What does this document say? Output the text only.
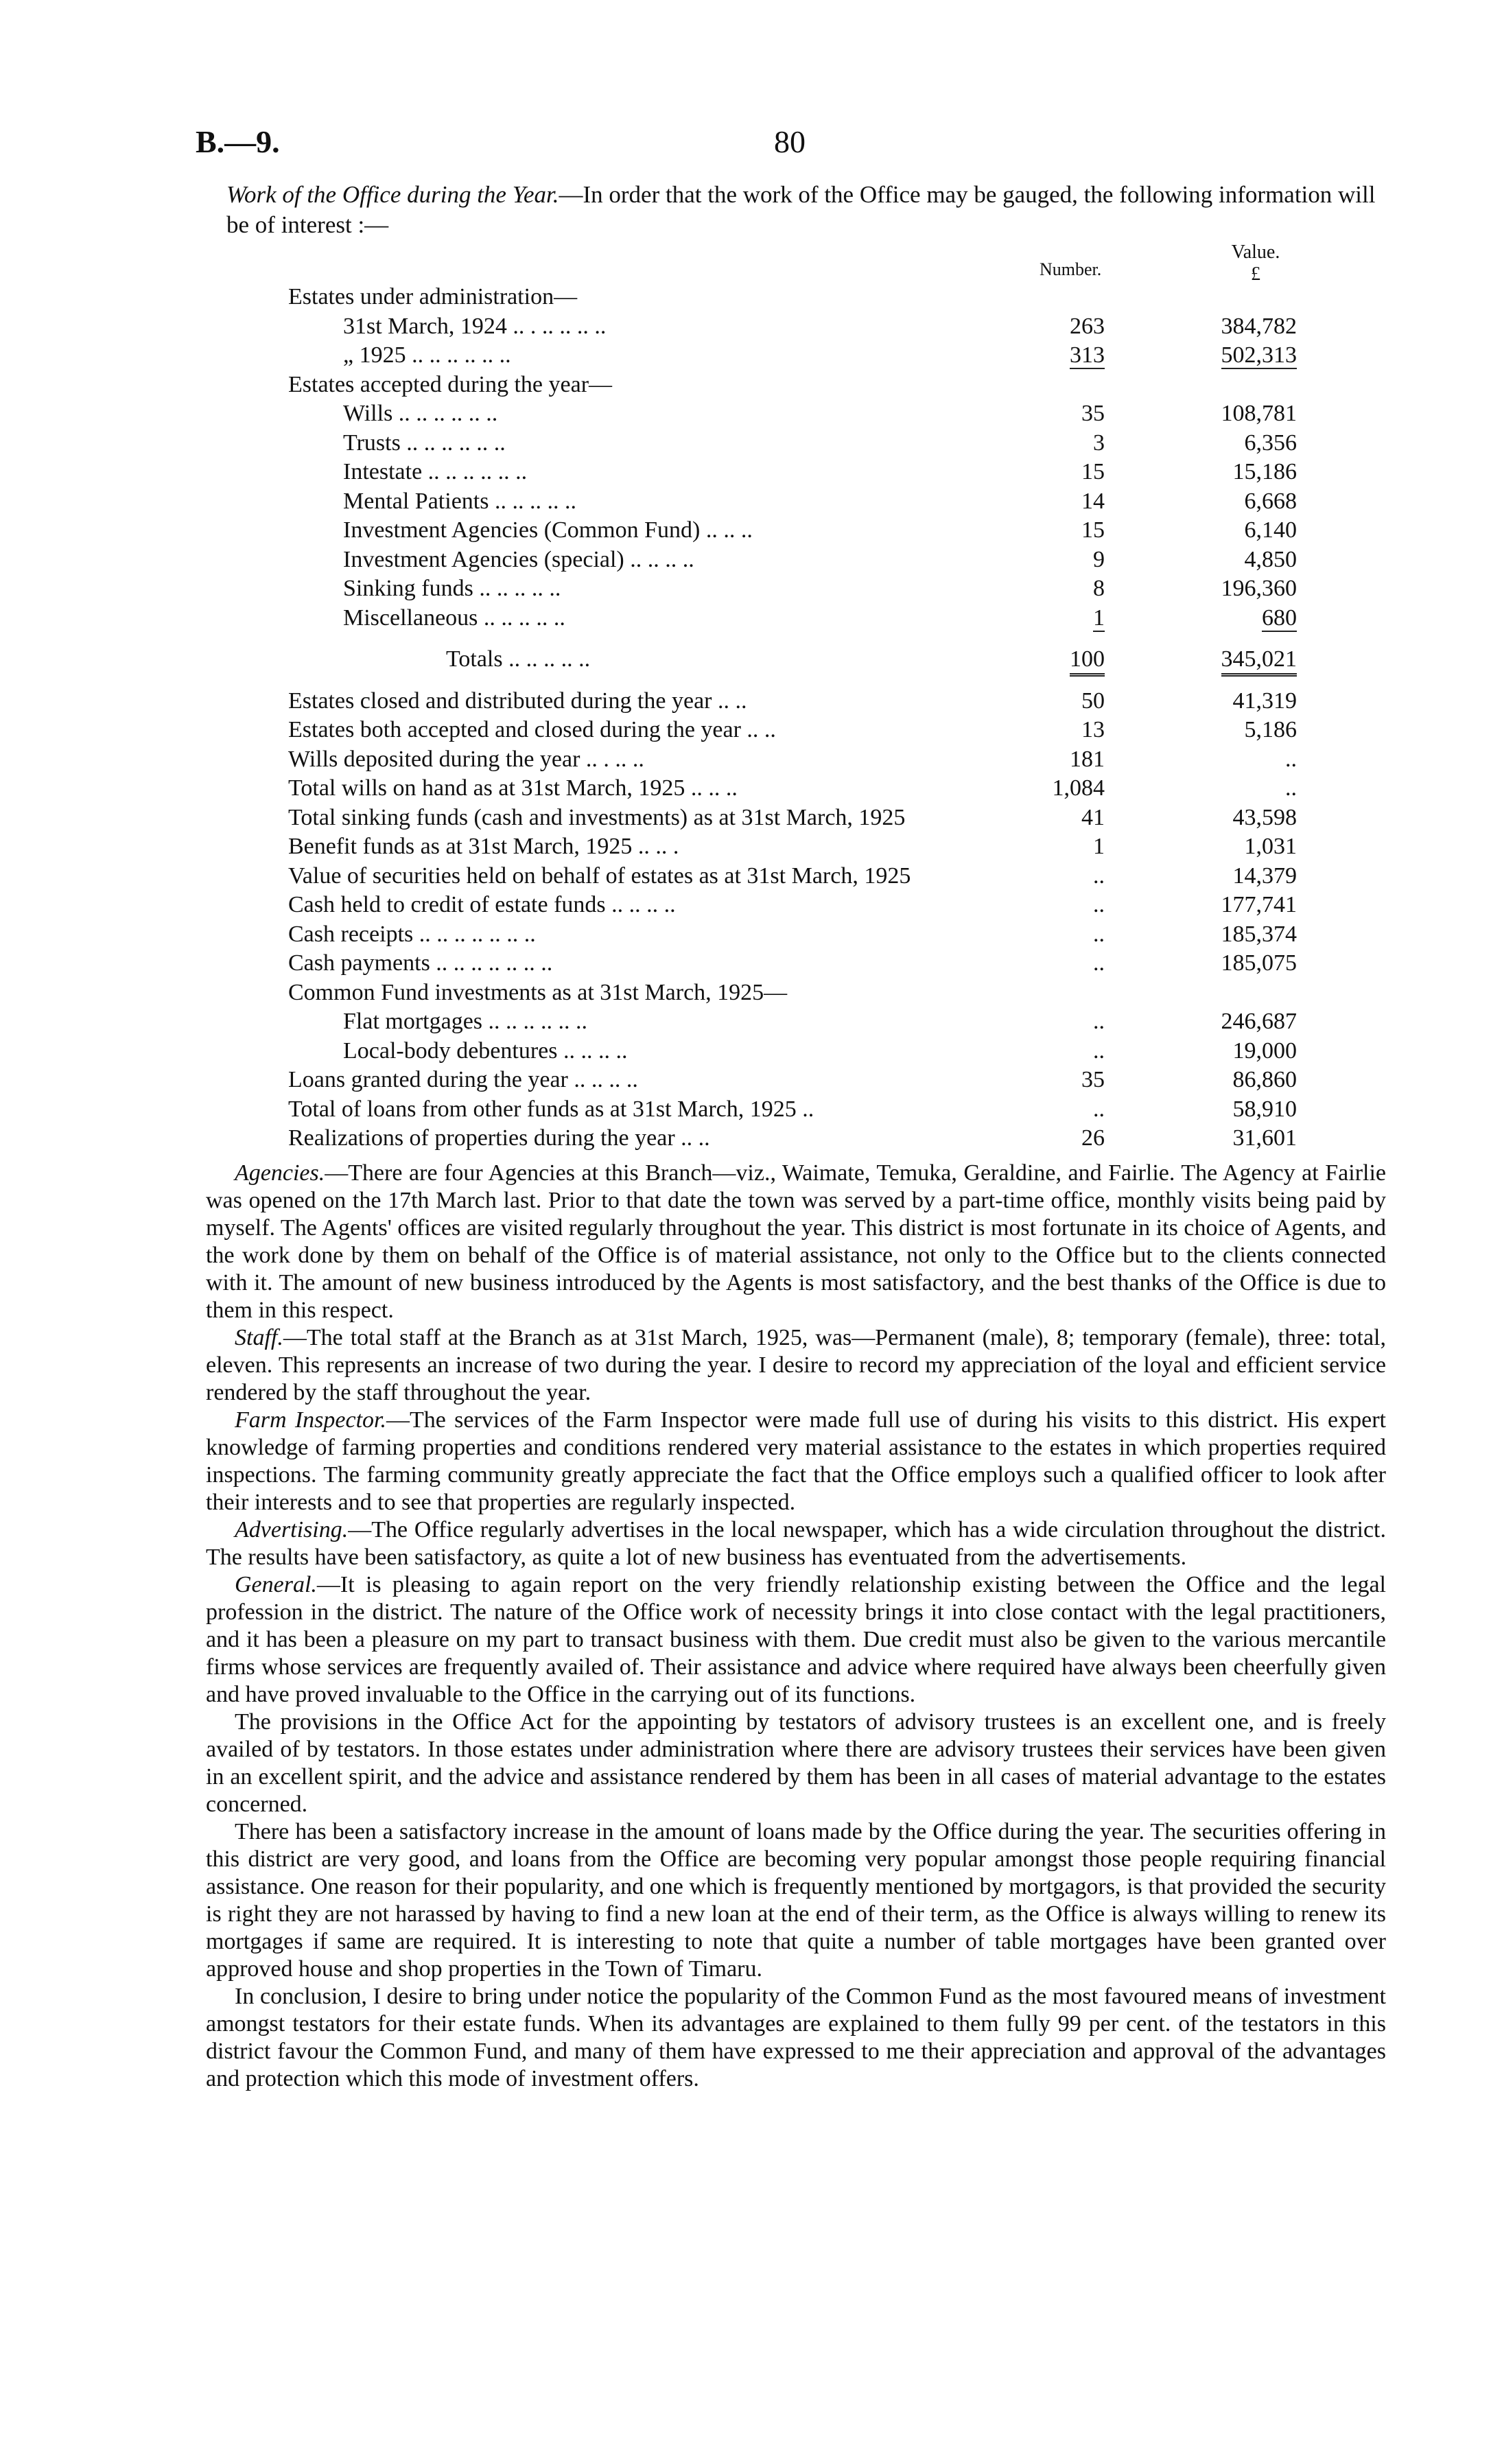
B.—9.	80
Work of the Office during the Year.—In order that the work of the Office may be gauged, the following information will be of interest :—
Number.
Value.
£
Estates under administration—
31st March, 1924 .. . .. .. .. ..	263	384,782
„ 1925 .. .. .. .. .. ..	313	502,313
Estates accepted during the year—
Wills .. .. .. .. .. ..	35	108,781
Trusts .. .. .. .. .. ..	3	6,356
Intestate .. .. .. .. .. ..	15	15,186
Mental Patients .. .. .. .. ..	14	6,668
Investment Agencies (Common Fund) .. .. ..	15	6,140
Investment Agencies (special) .. .. .. ..	9	4,850
Sinking funds .. .. .. .. ..	8	196,360
Miscellaneous .. .. .. .. ..	1	680
Totals .. .. .. .. ..	100	345,021
Estates closed and distributed during the year .. ..	50	41,319
Estates both accepted and closed during the year .. ..	13	5,186
Wills deposited during the year .. . .. ..	181	..
Total wills on hand as at 31st March, 1925 .. .. ..	1,084	..
Total sinking funds (cash and investments) as at 31st March, 1925	41	43,598
Benefit funds as at 31st March, 1925 .. .. .	1	1,031
Value of securities held on behalf of estates as at 31st March, 1925	..	14,379
Cash held to credit of estate funds .. .. .. ..	..	177,741
Cash receipts .. .. .. .. .. .. ..	..	185,374
Cash payments .. .. .. .. .. .. ..	..	185,075
Common Fund investments as at 31st March, 1925—
Flat mortgages .. .. .. .. .. ..	..	246,687
Local-body debentures .. .. .. ..	..	19,000
Loans granted during the year .. .. .. ..	35	86,860
Total of loans from other funds as at 31st March, 1925 ..	..	58,910
Realizations of properties during the year .. ..	26	31,601

Agencies.—There are four Agencies at this Branch—viz., Waimate, Temuka, Geraldine, and Fairlie. The Agency at Fairlie was opened on the 17th March last. Prior to that date the town was served by a part-time office, monthly visits being paid by myself. The Agents' offices are visited regularly throughout the year. This district is most fortunate in its choice of Agents, and the work done by them on behalf of the Office is of material assistance, not only to the Office but to the clients connected with it. The amount of new business introduced by the Agents is most satisfactory, and the best thanks of the Office is due to them in this respect.

Staff.—The total staff at the Branch as at 31st March, 1925, was—Permanent (male), 8; temporary (female), three: total, eleven. This represents an increase of two during the year. I desire to record my appreciation of the loyal and efficient service rendered by the staff throughout the year.

Farm Inspector.—The services of the Farm Inspector were made full use of during his visits to this district. His expert knowledge of farming properties and conditions rendered very material assistance to the estates in which properties required inspections. The farming community greatly appreciate the fact that the Office employs such a qualified officer to look after their interests and to see that properties are regularly inspected.

Advertising.—The Office regularly advertises in the local newspaper, which has a wide circulation throughout the district. The results have been satisfactory, as quite a lot of new business has eventuated from the advertisements.

General.—It is pleasing to again report on the very friendly relationship existing between the Office and the legal profession in the district. The nature of the Office work of necessity brings it into close contact with the legal practitioners, and it has been a pleasure on my part to transact business with them. Due credit must also be given to the various mercantile firms whose services are frequently availed of. Their assistance and advice where required have always been cheerfully given and have proved invaluable to the Office in the carrying out of its functions.

The provisions in the Office Act for the appointing by testators of advisory trustees is an excellent one, and is freely availed of by testators. In those estates under administration where there are advisory trustees their services have been given in an excellent spirit, and the advice and assistance rendered by them has been in all cases of material advantage to the estates concerned.

There has been a satisfactory increase in the amount of loans made by the Office during the year. The securities offering in this district are very good, and loans from the Office are becoming very popular amongst those people requiring financial assistance. One reason for their popularity, and one which is frequently mentioned by mortgagors, is that provided the security is right they are not harassed by having to find a new loan at the end of their term, as the Office is always willing to renew its mortgages if same are required. It is interesting to note that quite a number of table mortgages have been granted over approved house and shop properties in the Town of Timaru.

In conclusion, I desire to bring under notice the popularity of the Common Fund as the most favoured means of investment amongst testators for their estate funds. When its advantages are explained to them fully 99 per cent. of the testators in this district favour the Common Fund, and many of them have expressed to me their appreciation and approval of the advantages and protection which this mode of investment offers.
